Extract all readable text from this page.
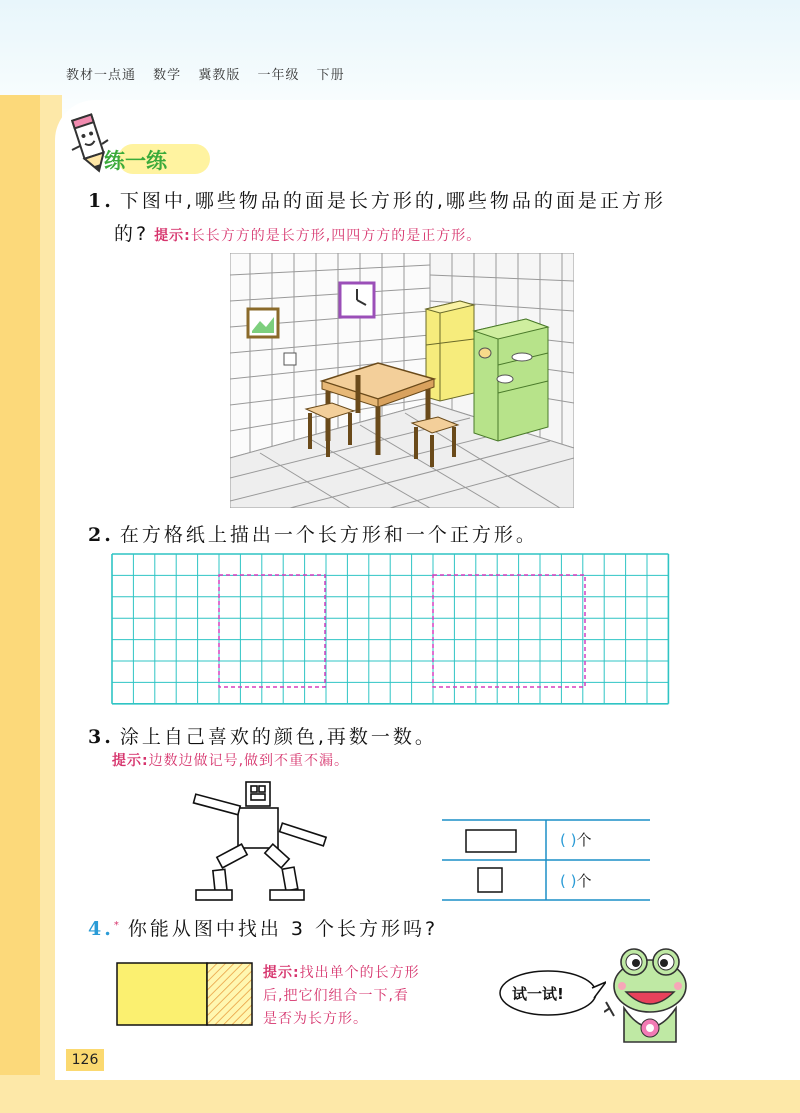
教材一点通 数学 冀教版 一年级 下册
练一练
1. 下图中,哪些物品的面是长方形的,哪些物品的面是正方形
的? 提示:长长方方的是长方形,四四方方的是正方形。
2. 在方格纸上描出一个长方形和一个正方形。
3. 涂上自己喜欢的颜色,再数一数。
提示:边数边做记号,做到不重不漏。
( )个
( )个
4.* 你能从图中找出 3 个长方形吗?
提示:找出单个的长方形
后,把它们组合一下,看
是否为长方形。
试一试!
126
